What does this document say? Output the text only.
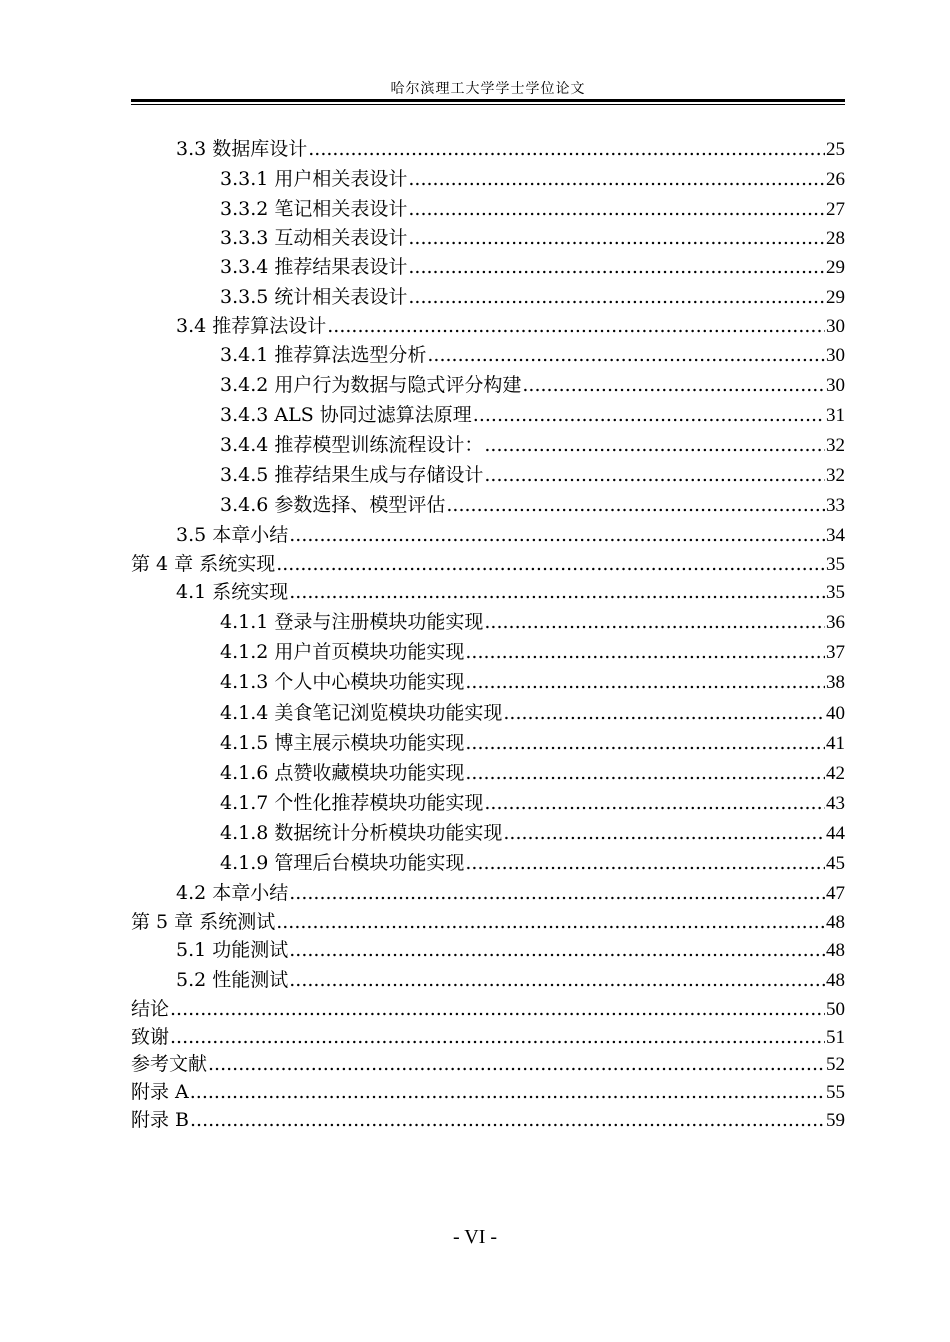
哈尔滨理工大学学士学位论文
3.3 数据库设计 .....	25
3.3.1 用户相关表设计 .....	26
3.3.2 笔记相关表设计 .....	27
3.3.3 互动相关表设计 .....	28
3.3.4 推荐结果表设计 .....	29
3.3.5 统计相关表设计 .....	29
3.4 推荐算法设计 .....	30
3.4.1 推荐算法选型分析 .....	30
3.4.2 用户行为数据与隐式评分构建 .....	30
3.4.3 ALS 协同过滤算法原理 .....	31
3.4.4 推荐模型训练流程设计： .....	32
3.4.5 推荐结果生成与存储设计 .....	32
3.4.6 参数选择、模型评估 .....	33
3.5 本章小结 .....	34
第 4 章 系统实现 .....	35
4.1 系统实现 .....	35
4.1.1 登录与注册模块功能实现 .....	36
4.1.2 用户首页模块功能实现 .....	37
4.1.3 个人中心模块功能实现 .....	38
4.1.4 美食笔记浏览模块功能实现 .....	40
4.1.5 博主展示模块功能实现 .....	41
4.1.6 点赞收藏模块功能实现 .....	42
4.1.7 个性化推荐模块功能实现 .....	43
4.1.8 数据统计分析模块功能实现 .....	44
4.1.9 管理后台模块功能实现 .....	45
4.2 本章小结 .....	47
第 5 章 系统测试 .....	48
5.1 功能测试 .....	48
5.2 性能测试 .....	48
结论 .....	50
致谢 .....	51
参考文献 .....	52
附录 A .....	55
附录 B .....	59
- VI -
